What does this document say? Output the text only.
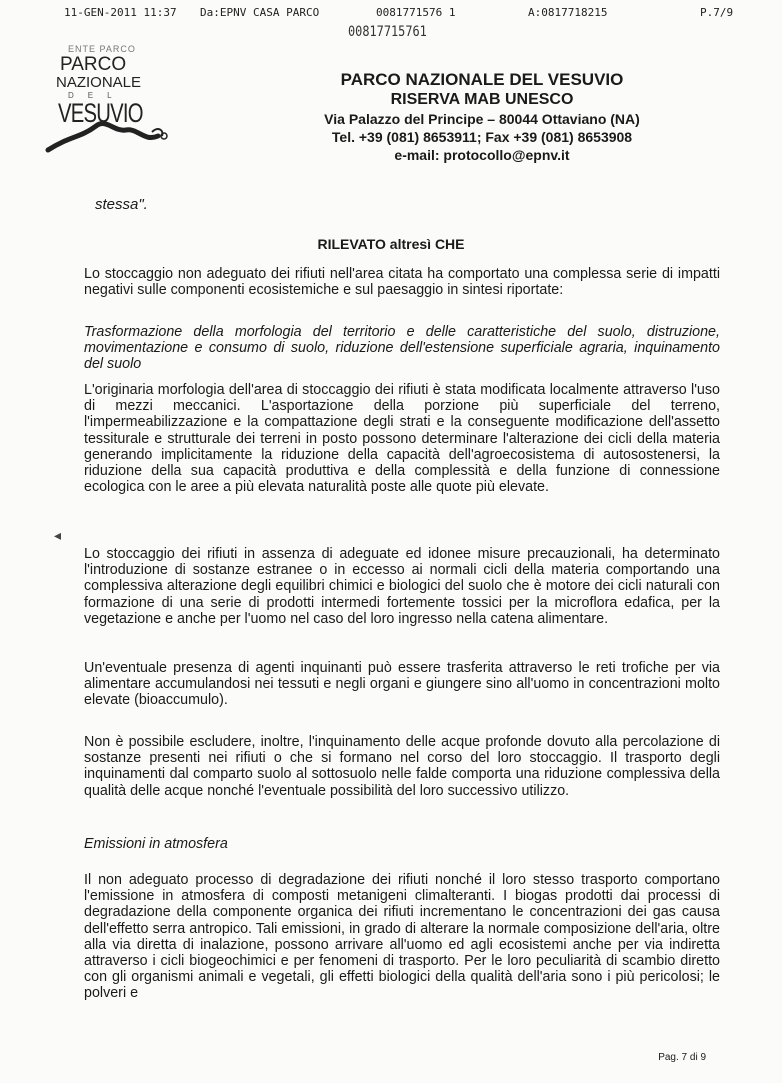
11-GEN-2011 11:37 Da:EPNV CASA PARCO	0081771576 1	A:0817718215	P.7/9
00817715761
ENTE PARCO
PARCO
NAZIONALE
DEL
VESUVIO
PARCO NAZIONALE DEL VESUVIO
RISERVA MAB UNESCO
Via Palazzo del Principe – 80044 Ottaviano (NA)
Tel. +39 (081) 8653911; Fax +39 (081) 8653908
e-mail: protocollo@epnv.it
stessa".
RILEVATO altresì CHE

Lo stoccaggio non adeguato dei rifiuti nell'area citata ha comportato una complessa serie di impatti negativi sulle componenti ecosistemiche e sul paesaggio in sintesi riportate:

Trasformazione della morfologia del territorio e delle caratteristiche del suolo, distruzione, movimentazione e consumo di suolo, riduzione dell'estensione superficiale agraria, inquinamento del suolo

L'originaria morfologia dell'area di stoccaggio dei rifiuti è stata modificata localmente attraverso l'uso di mezzi meccanici. L'asportazione della porzione più superficiale del terreno, l'impermeabilizzazione e la compattazione degli strati e la conseguente modificazione dell'assetto tessiturale e strutturale dei terreni in posto possono determinare l'alterazione dei cicli della materia generando implicitamente la riduzione della capacità dell'agroecosistema di autosostenersi, la riduzione della sua capacità produttiva e della complessità e della funzione di connessione ecologica con le aree a più elevata naturalità poste alle quote più elevate.

◂

Lo stoccaggio dei rifiuti in assenza di adeguate ed idonee misure precauzionali, ha determinato l'introduzione di sostanze estranee o in eccesso ai normali cicli della materia comportando una complessiva alterazione degli equilibri chimici e biologici del suolo che è motore dei cicli naturali con formazione di una serie di prodotti intermedi fortemente tossici per la microflora edafica, per la vegetazione e anche per l'uomo nel caso del loro ingresso nella catena alimentare.

Un'eventuale presenza di agenti inquinanti può essere trasferita attraverso le reti trofiche per via alimentare accumulandosi nei tessuti e negli organi e giungere sino all'uomo in concentrazioni molto elevate (bioaccumulo).

Non è possibile escludere, inoltre, l'inquinamento delle acque profonde dovuto alla percolazione di sostanze presenti nei rifiuti o che si formano nel corso del loro stoccaggio. Il trasporto degli inquinamenti dal comparto suolo al sottosuolo nelle falde comporta una riduzione complessiva della qualità delle acque nonché l'eventuale possibilità del loro successivo utilizzo.

Emissioni in atmosfera

Il non adeguato processo di degradazione dei rifiuti nonché il loro stesso trasporto comportano l'emissione in atmosfera di composti metanigeni climalteranti. I biogas prodotti dai processi di degradazione della componente organica dei rifiuti incrementano le concentrazioni dei gas causa dell'effetto serra antropico. Tali emissioni, in grado di alterare la normale composizione dell'aria, oltre alla via diretta di inalazione, possono arrivare all'uomo ed agli ecosistemi anche per via indiretta attraverso i cicli biogeochimici e per fenomeni di trasporto. Per le loro peculiarità di scambio diretto con gli organismi animali e vegetali, gli effetti biologici della qualità dell'aria sono i più pericolosi; le polveri e

Pag. 7 di 9
